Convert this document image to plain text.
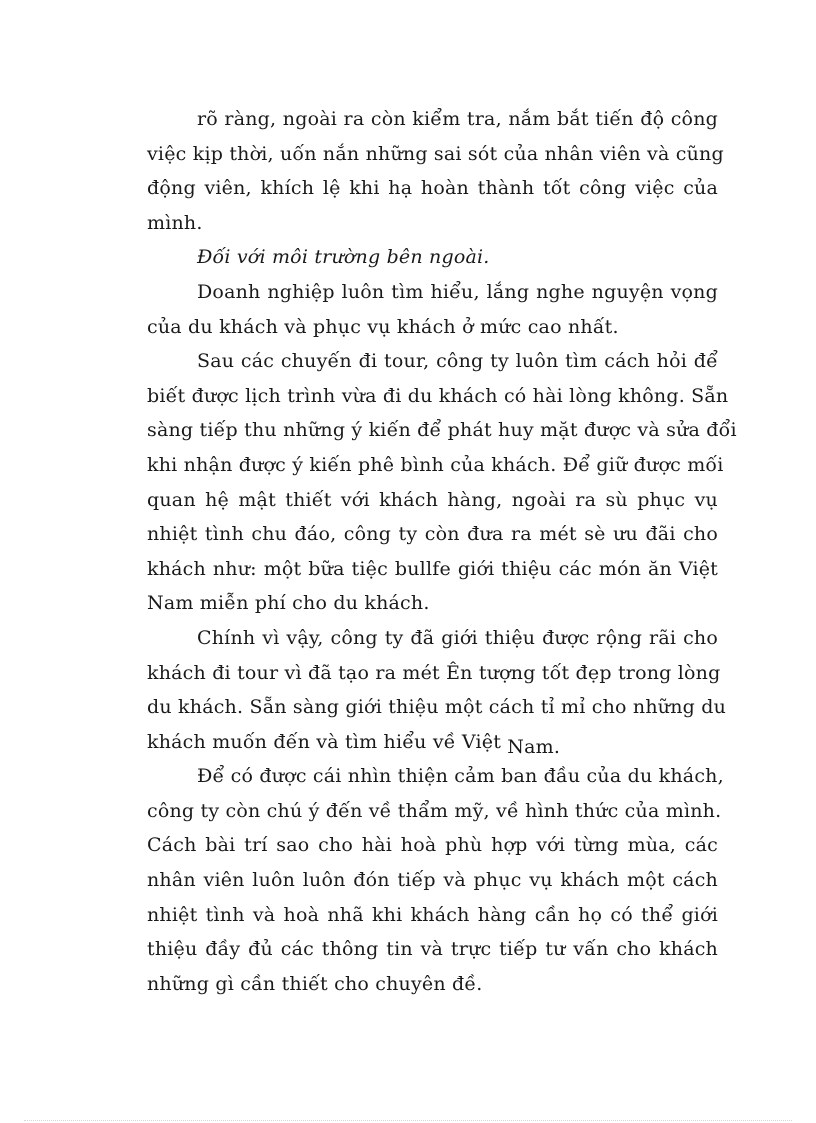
rõ ràng, ngoài ra còn kiểm tra, nắm bắt tiến độ công
việc kịp thời, uốn nắn những sai sót của nhân viên và cũng
động viên, khích lệ khi hạ hoàn thành tốt công việc của
mình.
Đối với môi trường bên ngoài.
Doanh nghiệp luôn tìm hiểu, lắng nghe nguyện vọng
của du khách và phục vụ khách ở mức cao nhất.
Sau các chuyến đi tour, công ty luôn tìm cách hỏi để
biết được lịch trình vừa đi du khách có hài lòng không. Sẵn
sàng tiếp thu những ý kiến để phát huy mặt được và sửa đổi
khi nhận được ý kiến phê bình của khách. Để giữ được mối
quan hệ mật thiết với khách hàng, ngoài ra sù phục vụ
nhiệt tình chu đáo, công ty còn đưa ra mét sè ưu đãi cho
khách như: một bữa tiệc bullfe giới thiệu các món ăn Việt
Nam miễn phí cho du khách.
Chính vì vậy, công ty đã giới thiệu được rộng rãi cho
khách đi tour vì đã tạo ra mét Ên tượng tốt đẹp trong lòng
du khách. Sẵn sàng giới thiệu một cách tỉ mỉ cho những du
khách muốn đến và tìm hiểu về Việt Nam.
Để có được cái nhìn thiện cảm ban đầu của du khách,
công ty còn chú ý đến về thẩm mỹ, về hình thức của mình.
Cách bài trí sao cho hài hoà phù hợp với từng mùa, các
nhân viên luôn luôn đón tiếp và phục vụ khách một cách
nhiệt tình và hoà nhã khi khách hàng cần họ có thể giới
thiệu đầy đủ các thông tin và trực tiếp tư vấn cho khách
những gì cần thiết cho chuyên đề.
